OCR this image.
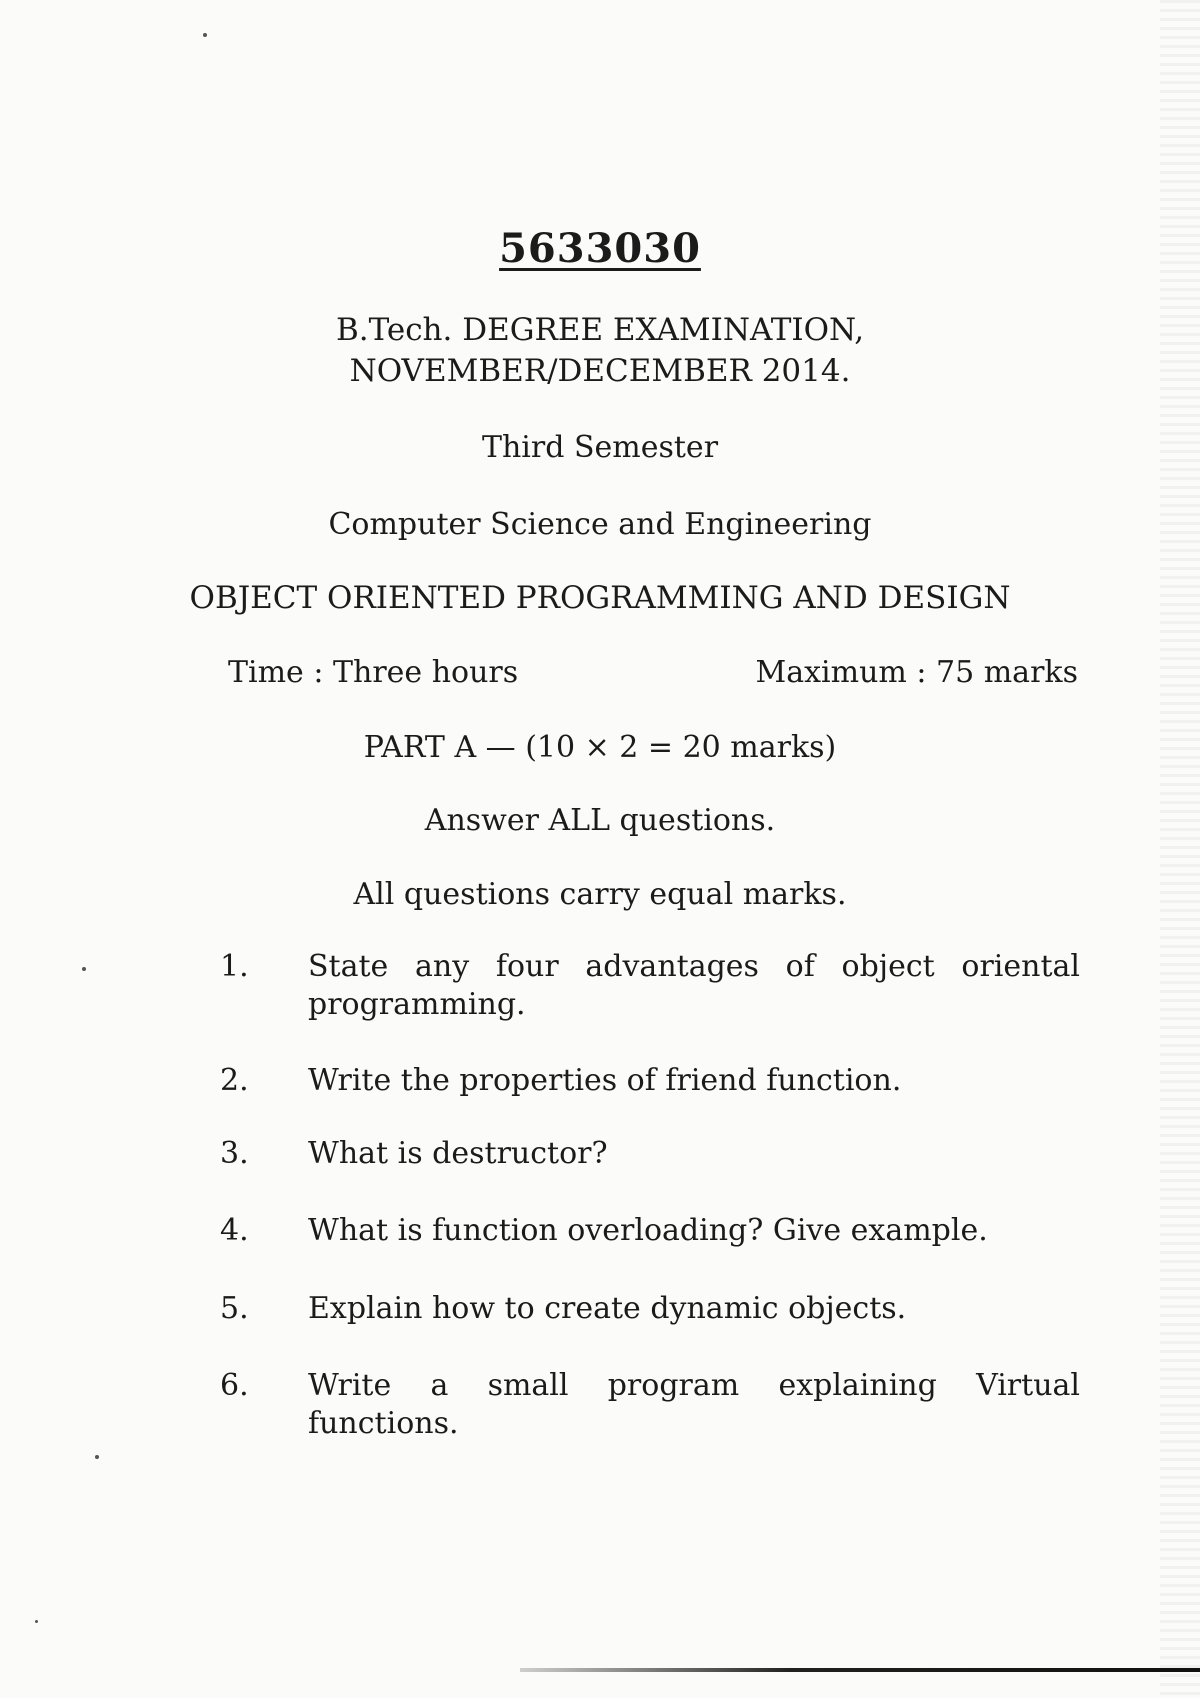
5633030

B.Tech. DEGREE EXAMINATION,

NOVEMBER/DECEMBER 2014.

Third Semester

Computer Science and Engineering

OBJECT ORIENTED PROGRAMMING AND DESIGN

Time : Three hours	Maximum : 75 marks

PART A — (10 × 2 = 20 marks)

Answer ALL questions.

All questions carry equal marks.

1.	State any four advantages of object oriental programming.
2.	Write the properties of friend function.
3.	What is destructor?
4.	What is function overloading? Give example.
5.	Explain how to create dynamic objects.
6.	Write a small program explaining Virtual functions.
